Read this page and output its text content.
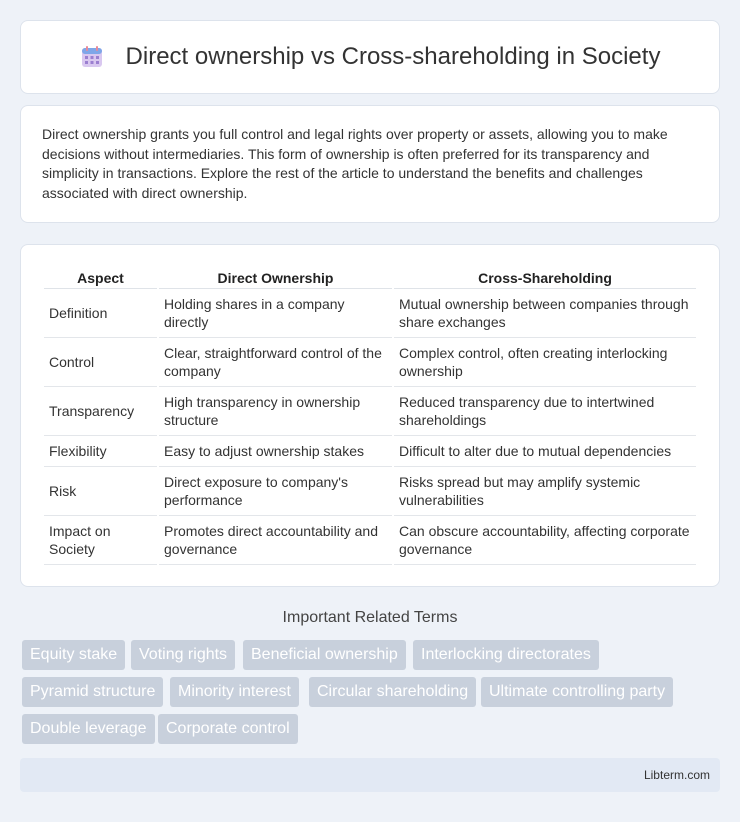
Direct ownership vs Cross-shareholding in Society

Direct ownership grants you full control and legal rights over property or assets, allowing you to make decisions without intermediaries. This form of ownership is often preferred for its transparency and simplicity in transactions. Explore the rest of the article to understand the benefits and challenges associated with direct ownership.

Aspect	Direct Ownership	Cross-Shareholding
Definition	Holding shares in a company directly	Mutual ownership between companies through share exchanges
Control	Clear, straightforward control of the company	Complex control, often creating interlocking ownership
Transparency	High transparency in ownership structure	Reduced transparency due to intertwined shareholdings
Flexibility	Easy to adjust ownership stakes	Difficult to alter due to mutual dependencies
Risk	Direct exposure to company's performance	Risks spread but may amplify systemic vulnerabilities
Impact on Society	Promotes direct accountability and governance	Can obscure accountability, affecting corporate governance
Important Related Terms
Equity stake	Voting rights	Beneficial ownership	Interlocking directorates
Pyramid structure	Minority interest	Circular shareholding	Ultimate controlling party
Double leverage	Corporate control
Libterm.com
